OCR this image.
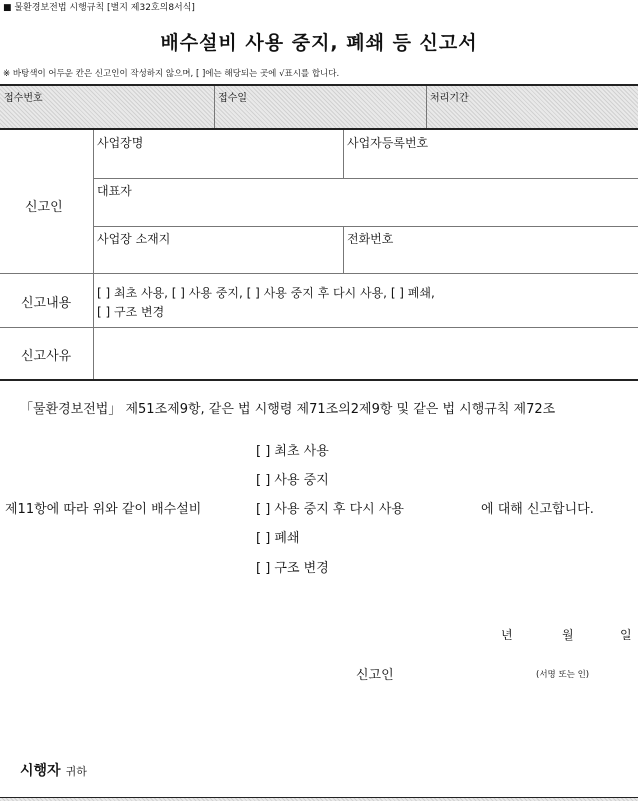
■ 물환경보전법 시행규칙 [별지 제32호의8서식]
배수설비 사용 중지, 폐쇄 등 신고서
※ 바탕색이 어두운 칸은 신고인이 작성하지 않으며, [ ]에는 해당되는 곳에 √표시를 합니다.
접수번호	접수일	처리기간
신고인
사업장명	사업자등록번호
대표자
사업장 소재지	전화번호
신고내용
[ ] 최초 사용, [ ] 사용 중지, [ ] 사용 중지 후 다시 사용, [ ] 폐쇄,
[ ] 구조 변경
신고사유
「물환경보전법」 제51조제9항, 같은 법 시행령 제71조의2제9항 및 같은 법 시행규칙 제72조
[ ] 최초 사용
[ ] 사용 중지
제11항에 따라 위와 같이 배수설비	[ ] 사용 중지 후 다시 사용	에 대해 신고합니다.
[ ] 폐쇄
[ ] 구조 변경
년	월	일
신고인	(서명 또는 인)
시행자 귀하
